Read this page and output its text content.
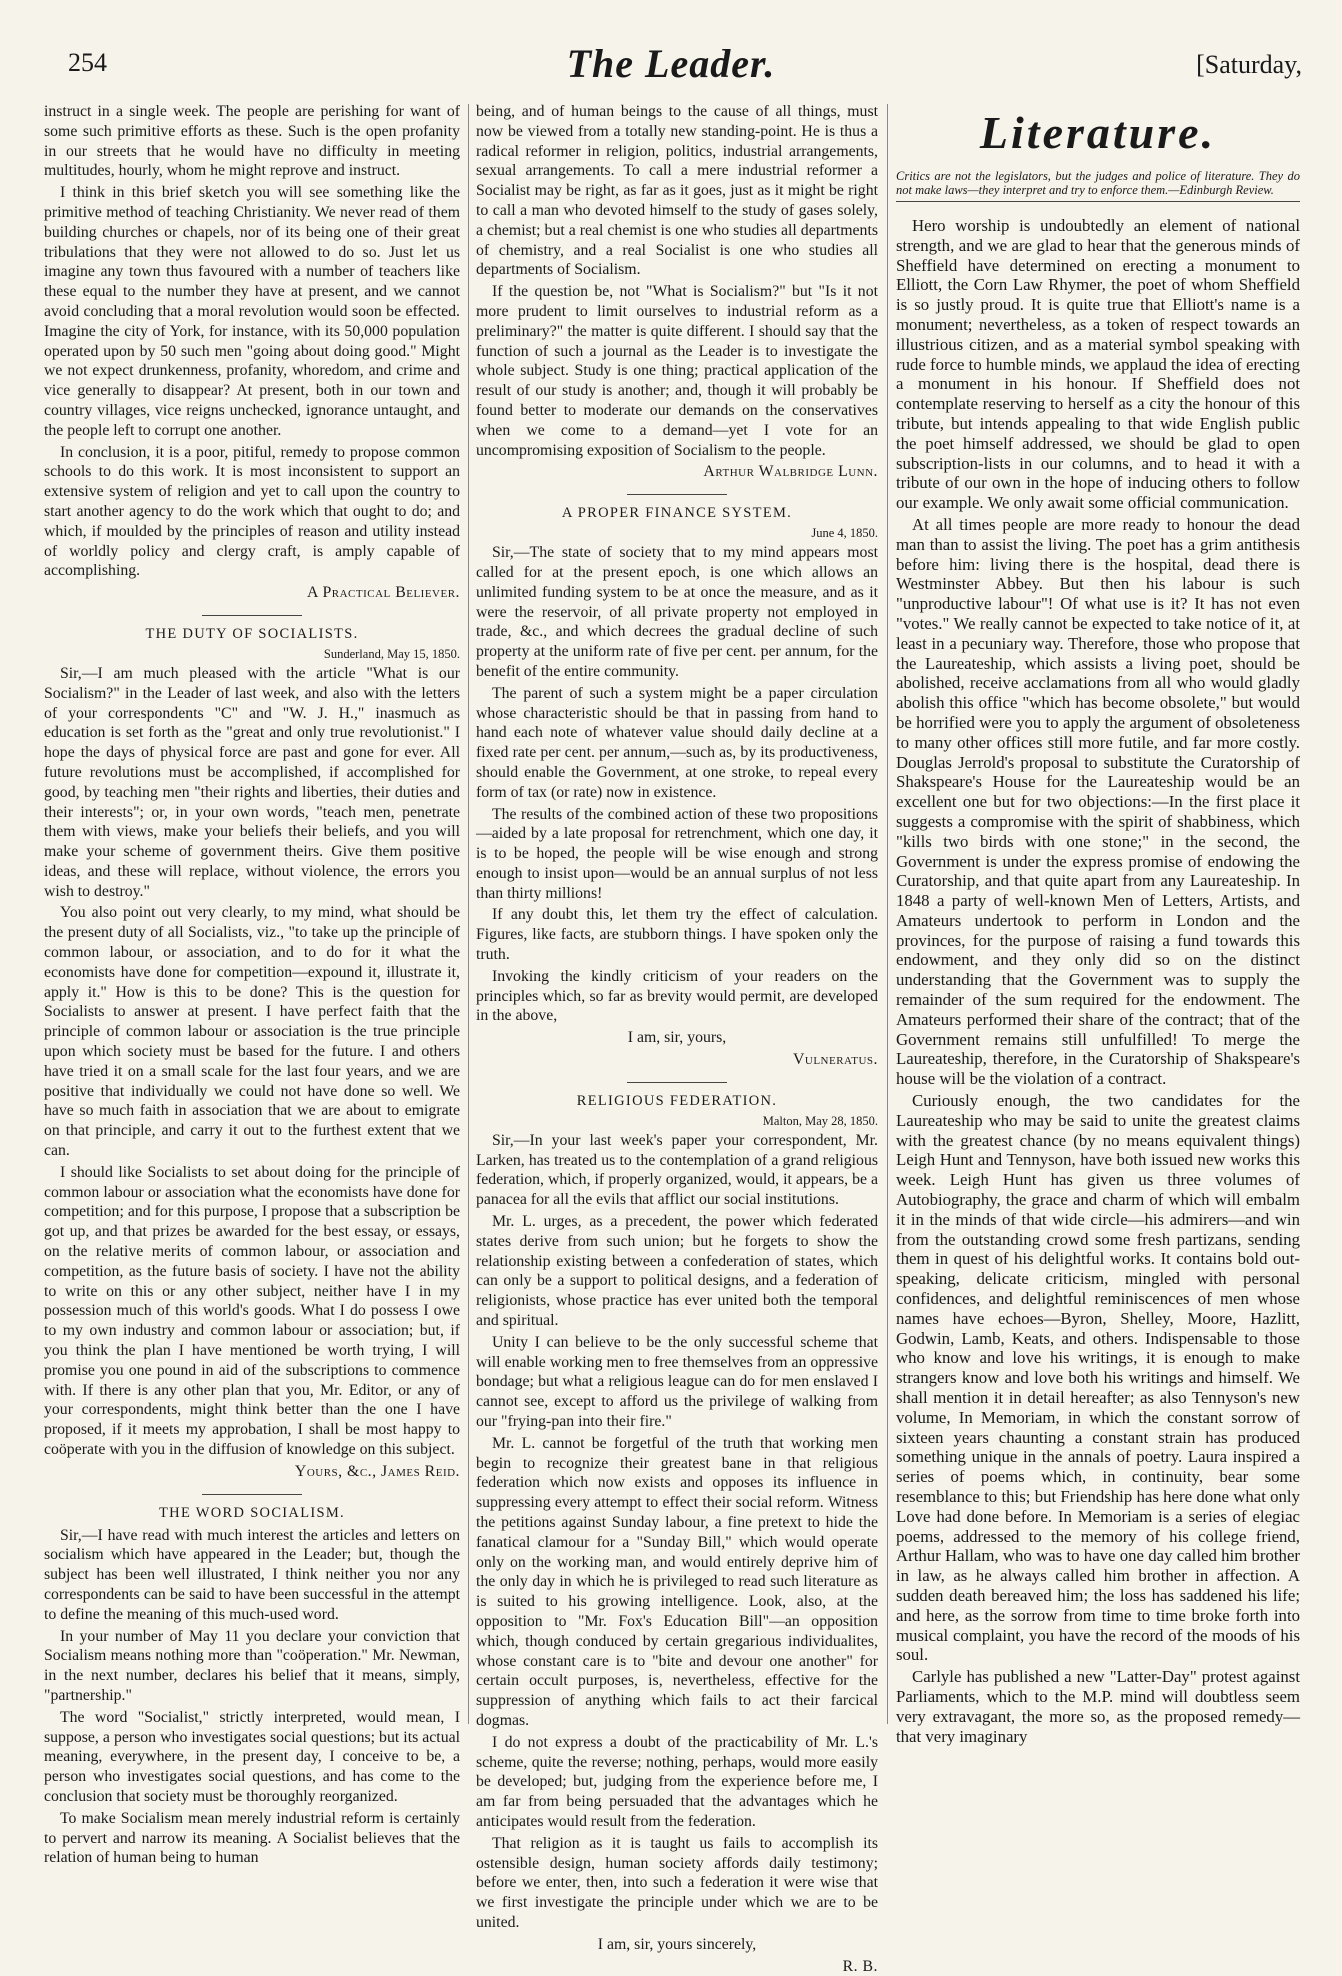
254	The Leader.	[Saturday,

instruct in a single week. The people are perishing for want of some such primitive efforts as these. Such is the open profanity in our streets that he would have no difficulty in meeting multitudes, hourly, whom he might reprove and instruct.

I think in this brief sketch you will see something like the primitive method of teaching Christianity. We never read of them building churches or chapels, nor of its being one of their great tribulations that they were not allowed to do so. Just let us imagine any town thus favoured with a number of teachers like these equal to the number they have at present, and we cannot avoid concluding that a moral revolution would soon be effected. Imagine the city of York, for instance, with its 50,000 population operated upon by 50 such men "going about doing good." Might we not expect drunkenness, profanity, whoredom, and crime and vice generally to disappear? At present, both in our town and country villages, vice reigns unchecked, ignorance untaught, and the people left to corrupt one another.

In conclusion, it is a poor, pitiful, remedy to propose common schools to do this work. It is most inconsistent to support an extensive system of religion and yet to call upon the country to start another agency to do the work which that ought to do; and which, if moulded by the principles of reason and utility instead of worldly policy and clergy craft, is amply capable of accomplishing.

A Practical Believer.

THE DUTY OF SOCIALISTS.

Sunderland, May 15, 1850.

Sir,—I am much pleased with the article "What is our Socialism?" in the Leader of last week, and also with the letters of your correspondents "C" and "W. J. H.," inasmuch as education is set forth as the "great and only true revolutionist." I hope the days of physical force are past and gone for ever. All future revolutions must be accomplished, if accomplished for good, by teaching men "their rights and liberties, their duties and their interests"; or, in your own words, "teach men, penetrate them with views, make your beliefs their beliefs, and you will make your scheme of government theirs. Give them positive ideas, and these will replace, without violence, the errors you wish to destroy."

You also point out very clearly, to my mind, what should be the present duty of all Socialists, viz., "to take up the principle of common labour, or association, and to do for it what the economists have done for competition—expound it, illustrate it, apply it." How is this to be done? This is the question for Socialists to answer at present. I have perfect faith that the principle of common labour or association is the true principle upon which society must be based for the future. I and others have tried it on a small scale for the last four years, and we are positive that individually we could not have done so well. We have so much faith in association that we are about to emigrate on that principle, and carry it out to the furthest extent that we can.

I should like Socialists to set about doing for the principle of common labour or association what the economists have done for competition; and for this purpose, I propose that a subscription be got up, and that prizes be awarded for the best essay, or essays, on the relative merits of common labour, or association and competition, as the future basis of society. I have not the ability to write on this or any other subject, neither have I in my possession much of this world's goods. What I do possess I owe to my own industry and common labour or association; but, if you think the plan I have mentioned be worth trying, I will promise you one pound in aid of the subscriptions to commence with. If there is any other plan that you, Mr. Editor, or any of your correspondents, might think better than the one I have proposed, if it meets my approbation, I shall be most happy to coöperate with you in the diffusion of knowledge on this subject.

Yours, &c., James Reid.

THE WORD SOCIALISM.

Sir,—I have read with much interest the articles and letters on socialism which have appeared in the Leader; but, though the subject has been well illustrated, I think neither you nor any correspondents can be said to have been successful in the attempt to define the meaning of this much-used word.

In your number of May 11 you declare your conviction that Socialism means nothing more than "coöperation." Mr. Newman, in the next number, declares his belief that it means, simply, "partnership."

The word "Socialist," strictly interpreted, would mean, I suppose, a person who investigates social questions; but its actual meaning, everywhere, in the present day, I conceive to be, a person who investigates social questions, and has come to the conclusion that society must be thoroughly reorganized.

To make Socialism mean merely industrial reform is certainly to pervert and narrow its meaning. A Socialist believes that the relation of human being to human

being, and of human beings to the cause of all things, must now be viewed from a totally new standing-point. He is thus a radical reformer in religion, politics, industrial arrangements, sexual arrangements. To call a mere industrial reformer a Socialist may be right, as far as it goes, just as it might be right to call a man who devoted himself to the study of gases solely, a chemist; but a real chemist is one who studies all departments of chemistry, and a real Socialist is one who studies all departments of Socialism.

If the question be, not "What is Socialism?" but "Is it not more prudent to limit ourselves to industrial reform as a preliminary?" the matter is quite different. I should say that the function of such a journal as the Leader is to investigate the whole subject. Study is one thing; practical application of the result of our study is another; and, though it will probably be found better to moderate our demands on the conservatives when we come to a demand—yet I vote for an uncompromising exposition of Socialism to the people.

Arthur Walbridge Lunn.

A PROPER FINANCE SYSTEM.

June 4, 1850.

Sir,—The state of society that to my mind appears most called for at the present epoch, is one which allows an unlimited funding system to be at once the measure, and as it were the reservoir, of all private property not employed in trade, &c., and which decrees the gradual decline of such property at the uniform rate of five per cent. per annum, for the benefit of the entire community.

The parent of such a system might be a paper circulation whose characteristic should be that in passing from hand to hand each note of whatever value should daily decline at a fixed rate per cent. per annum,—such as, by its productiveness, should enable the Government, at one stroke, to repeal every form of tax (or rate) now in existence.

The results of the combined action of these two propositions—aided by a late proposal for retrenchment, which one day, it is to be hoped, the people will be wise enough and strong enough to insist upon—would be an annual surplus of not less than thirty millions!

If any doubt this, let them try the effect of calculation. Figures, like facts, are stubborn things. I have spoken only the truth.

Invoking the kindly criticism of your readers on the principles which, so far as brevity would permit, are developed in the above,

I am, sir, yours,

Vulneratus.

RELIGIOUS FEDERATION.

Malton, May 28, 1850.

Sir,—In your last week's paper your correspondent, Mr. Larken, has treated us to the contemplation of a grand religious federation, which, if properly organized, would, it appears, be a panacea for all the evils that afflict our social institutions.

Mr. L. urges, as a precedent, the power which federated states derive from such union; but he forgets to show the relationship existing between a confederation of states, which can only be a support to political designs, and a federation of religionists, whose practice has ever united both the temporal and spiritual.

Unity I can believe to be the only successful scheme that will enable working men to free themselves from an oppressive bondage; but what a religious league can do for men enslaved I cannot see, except to afford us the privilege of walking from our "frying-pan into their fire."

Mr. L. cannot be forgetful of the truth that working men begin to recognize their greatest bane in that religious federation which now exists and opposes its influence in suppressing every attempt to effect their social reform. Witness the petitions against Sunday labour, a fine pretext to hide the fanatical clamour for a "Sunday Bill," which would operate only on the working man, and would entirely deprive him of the only day in which he is privileged to read such literature as is suited to his growing intelligence. Look, also, at the opposition to "Mr. Fox's Education Bill"—an opposition which, though conduced by certain gregarious individualites, whose constant care is to "bite and devour one another" for certain occult purposes, is, nevertheless, effective for the suppression of anything which fails to act their farcical dogmas.

I do not express a doubt of the practicability of Mr. L.'s scheme, quite the reverse; nothing, perhaps, would more easily be developed; but, judging from the experience before me, I am far from being persuaded that the advantages which he anticipates would result from the federation.

That religion as it is taught us fails to accomplish its ostensible design, human society affords daily testimony; before we enter, then, into such a federation it were wise that we first investigate the principle under which we are to be united.

I am, sir, yours sincerely,

R. B.

Literature.
Critics are not the legislators, but the judges and police of literature. They do not make laws—they interpret and try to enforce them.—Edinburgh Review.

Hero worship is undoubtedly an element of national strength, and we are glad to hear that the generous minds of Sheffield have determined on erecting a monument to Elliott, the Corn Law Rhymer, the poet of whom Sheffield is so justly proud. It is quite true that Elliott's name is a monument; nevertheless, as a token of respect towards an illustrious citizen, and as a material symbol speaking with rude force to humble minds, we applaud the idea of erecting a monument in his honour. If Sheffield does not contemplate reserving to herself as a city the honour of this tribute, but intends appealing to that wide English public the poet himself addressed, we should be glad to open subscription-lists in our columns, and to head it with a tribute of our own in the hope of inducing others to follow our example. We only await some official communication.

At all times people are more ready to honour the dead man than to assist the living. The poet has a grim antithesis before him: living there is the hospital, dead there is Westminster Abbey. But then his labour is such "unproductive labour"! Of what use is it? It has not even "votes." We really cannot be expected to take notice of it, at least in a pecuniary way. Therefore, those who propose that the Laureateship, which assists a living poet, should be abolished, receive acclamations from all who would gladly abolish this office "which has become obsolete," but would be horrified were you to apply the argument of obsoleteness to many other offices still more futile, and far more costly. Douglas Jerrold's proposal to substitute the Curatorship of Shakspeare's House for the Laureateship would be an excellent one but for two objections:—In the first place it suggests a compromise with the spirit of shabbiness, which "kills two birds with one stone;" in the second, the Government is under the express promise of endowing the Curatorship, and that quite apart from any Laureateship. In 1848 a party of well-known Men of Letters, Artists, and Amateurs undertook to perform in London and the provinces, for the purpose of raising a fund towards this endowment, and they only did so on the distinct understanding that the Government was to supply the remainder of the sum required for the endowment. The Amateurs performed their share of the contract; that of the Government remains still unfulfilled! To merge the Laureateship, therefore, in the Curatorship of Shakspeare's house will be the violation of a contract.

Curiously enough, the two candidates for the Laureateship who may be said to unite the greatest claims with the greatest chance (by no means equivalent things) Leigh Hunt and Tennyson, have both issued new works this week. Leigh Hunt has given us three volumes of Autobiography, the grace and charm of which will embalm it in the minds of that wide circle—his admirers—and win from the outstanding crowd some fresh partizans, sending them in quest of his delightful works. It contains bold out-speaking, delicate criticism, mingled with personal confidences, and delightful reminiscences of men whose names have echoes—Byron, Shelley, Moore, Hazlitt, Godwin, Lamb, Keats, and others. Indispensable to those who know and love his writings, it is enough to make strangers know and love both his writings and himself. We shall mention it in detail hereafter; as also Tennyson's new volume, In Memoriam, in which the constant sorrow of sixteen years chaunting a constant strain has produced something unique in the annals of poetry. Laura inspired a series of poems which, in continuity, bear some resemblance to this; but Friendship has here done what only Love had done before. In Memoriam is a series of elegiac poems, addressed to the memory of his college friend, Arthur Hallam, who was to have one day called him brother in law, as he always called him brother in affection. A sudden death bereaved him; the loss has saddened his life; and here, as the sorrow from time to time broke forth into musical complaint, you have the record of the moods of his soul.

Carlyle has published a new "Latter-Day" protest against Parliaments, which to the M.P. mind will doubtless seem very extravagant, the more so, as the proposed remedy—that very imaginary
